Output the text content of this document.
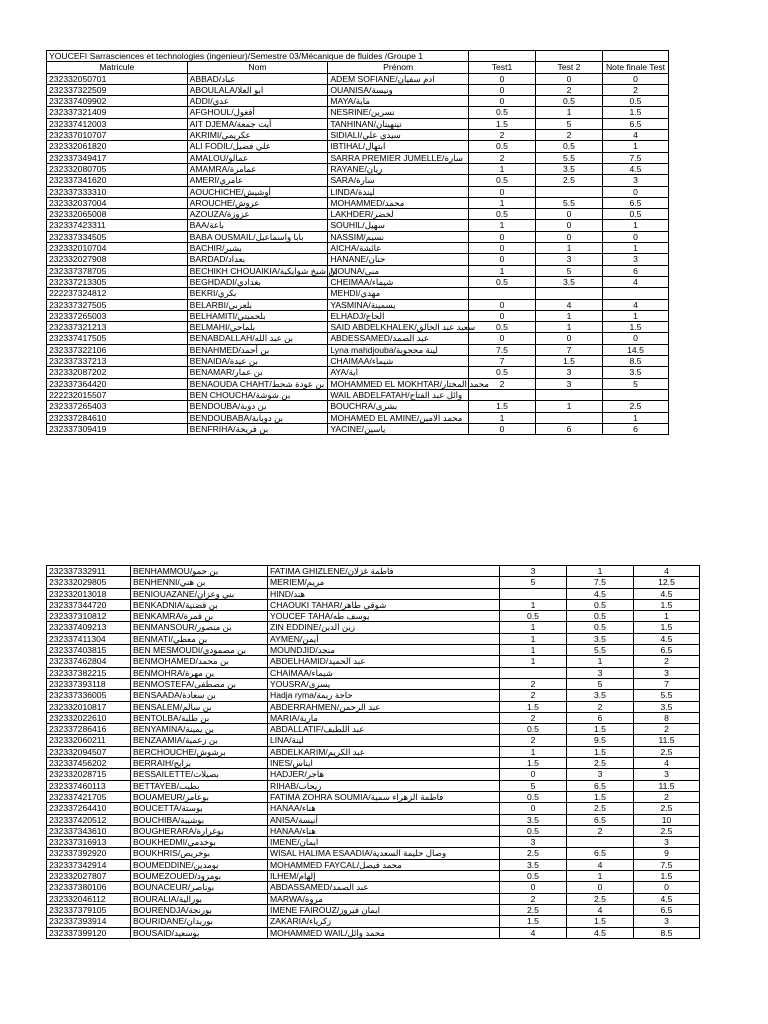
YOUCEFI Sarrasciences et technologies (ingenieur)/Semestre 03/Mécanique de fluides /Groupe 1					
Matricule	Nom	Prénom	Test1	Test 2	Note finale Test
232332050701	ABBAD/عباد	ADEM SOFIANE/ادم سفيان	0	0	0
232337322509	ABOULALA/ابو العلا	OUANISA/ونيسة	0	2	2
232337409902	ADDI/عدي	MAYA/ماية	0	0.5	0.5
232337321409	AFGHOUL/أفغول	NESRINE/نسرين	0.5	1	1.5
232337412003	AIT DJEMA/أيت جمعة	TANHINAN/تينهينان	1.5	5	6.5
232337010707	AKRIMI/عكريمي	SIDIALI/سيدي علي	2	2	4
232332061820	ALI FODIL/علي فضيل	IBTIHAL/ابتهال	0.5	0.5	1
232337349417	AMALOU/عمالو	SARRA PREMIER JUMELLE/سارة	2	5.5	7.5
232332080705	AMAMRA/عمامرة	RAYANE/ريان	1	3.5	4.5
232337341620	AMERI/عامري	SARA/سارة	0.5	2.5	3
232337333310	AOUCHICHE/أوشيش	LINDA/ليندة	0		0
232332037004	AROUCHE/عروش	MOHAMMED/محمد	1	5.5	6.5
232332065008	AZOUZA/عزوزة	LAKHDER/لخضر	0.5	0	0.5
232337423311	BAA/باعة	SOUHIL/سهيل	1	0	1
232337334505	BABA OUSMAIL/بابا واسماعيل	NASSIM/نسيم	0	0	0
232332010704	BACHIR/بشير	AICHA/عائشة	0	1	1
232332027908	BARDAD/بعداد	HANANE/حنان	0	3	3
232337378705	BECHIKH CHOUAIKIA/بن شيخ شوايكية	MOUNA/منى	1	5	6
232337213305	BEGHDADI/بغدادي	CHEIMAA/شيماء	0.5	3.5	4
222237324812	BEKRI/بكري	MEHDI/مهدي			
232337327505	BELARBI/بلعربي	YASMINA/يسمينة	0	4	4
232337265003	BELHAMITI/بلحميتي	ELHADJ/الحاج	0	1	1
232337321213	BELMAHI/بلماحي	SAID ABDELKHALEK/سعيد عبد الخالق	0.5	1	1.5
232337417505	BENABDALLAH/بن عبد الله	ABDESSAMED/عبد الصمد	0	0	0
232337322106	BENAHMED/بن أحمد	Lyna mahdjouba/لينة محجوبة	7.5	7	14.5
232337337213	BENAIDA/بن عيدة	CHAIMAA/شيماء	7	1.5	8.5
232332087202	BENAMAR/بن عمار	AYA/اية	0.5	3	3.5
232337364420	BENAOUDA CHAHT/بن عودة شحط	MOHAMMED EL MOKHTAR/محمد المختار	2	3	5
222232015507	BEN CHOUCHA/بن شوشة	WAIL ABDELFATAH/وائل عبد الفتاح			
232337265403	BENDOUBA/بن دوبة	BOUCHRA/بشرى	1.5	1	2.5
232337284610	BENDOUBABA/بن دوبابة	MOHAMED EL AMINE/محمد الامين	1		1
232337309419	BENFRIHA/بن فريحة	YACINE/ياسين	0	6	6
232337332911	BENHAMMOU/بن حمو	FATIMA GHIZLENE/فاطمة غزلان	3	1	4
232332029805	BENHENNI/بن هني	MERIEM/مريم	5	7.5	12.5
232332013018	BENIOUAZANE/بني وعزان	HIND/هند		4.5	4.5
232337344720	BENKADNIA/بن قضنية	CHAOUKI TAHAR/شوقي طاهر	1	0.5	1.5
232337310812	BENKAMRA/بن قمرة	YOUCEF TAHA/يوسف طه	0.5	0.5	1
232337409213	BENMANSOUR/بن منصور	ZIN EDDINE/زين الدين	1	0.5	1.5
232337411304	BENMATI/بن معطي	AYMEN/أيمن	1	3.5	4.5
232337403815	BEN MESMOUDI/بن مصمودي	MOUNDJID/منجد	1	5.5	6.5
232337462804	BENMOHAMED/بن محمد	ABDELHAMID/عبد الحميد	1	1	2
232337382215	BENMOHRA/بن مهرة	CHAIMAA/شيماء		3	3
232337393118	BENMOSTEFA/بن مصطفى	YOUSRA/يسرى	2	5	7
232337336005	BENSAADA/بن سعادة	Hadja ryma/حاجة ريمة	2	3.5	5.5
232332010817	BENSALEM/بن سالم	ABDERRAHMEN/عبد الرحمن	1.5	2	3.5
232332022610	BENTOLBA/بن طلبة	MARIA/مارية	2	6	8
232337286416	BENYAMINA/بن يمينة	ABDALLATIF/عبد اللطيف	0.5	1.5	2
232332060211	BENZAAMIA/بن زعمية	LINA/لينة	2	9.5	11.5
232332094507	BERCHOUCHE/برشوش	ABDELKARIM/عبد الكريم	1	1.5	2.5
232337456202	BERRAIH/برايح	INES/ايناس	1.5	2.5	4
232332028715	BESSAILETTE/بصيلات	HADJER/هاجر	0	3	3
232337460113	BETTAYEB/بطيب	RIHAB/ريحاب	5	6.5	11.5
232337421705	BOUAMEUR/بوعامر	FATIMA ZOHRA SOUMIA/فاطمة الزهراء سمية	0.5	1.5	2
232337264410	BOUCETTA/بوستة	HANAA/هناء	0	2.5	2.5
232337420512	BOUCHIBA/بوشيبة	ANISA/أنيسة	3.5	6.5	10
232337343610	BOUGHERARA/بوغرارة	HANAA/هناء	0.5	2	2.5
232337316913	BOUKHEDMI/بوخدمي	IMENE/ايمان	3		3
232337392920	BOUKHRIS/بوخريص	WISAL HALIMA ESAADIA/وصال حليمة السعدية	2.5	6.5	9
232337342914	BOUMEDDINE/بومدين	MOHAMMED FAYCAL/محمد فيصل	3.5	4	7.5
232332027807	BOUMEZOUED/بومزود	ILHEM/إلهام	0.5	1	1.5
232337380106	BOUNACEUR/بوناصر	ABDASSAMED/عبد الصمد	0	0	0
232332046112	BOURALIA/بورالية	MARWA/مروة	2	2.5	4.5
232337379105	BOURENDJA/بورنجة	IMENE FAIROUZ/ايمان فيروز	2.5	4	6.5
232337393914	BOURIDANE/بوريدان	ZAKARIA/زكرياء	1.5	1.5	3
232337399120	BOUSAID/بوسعيد	MOHAMMED WAIL/محمد وائل	4	4.5	8.5
